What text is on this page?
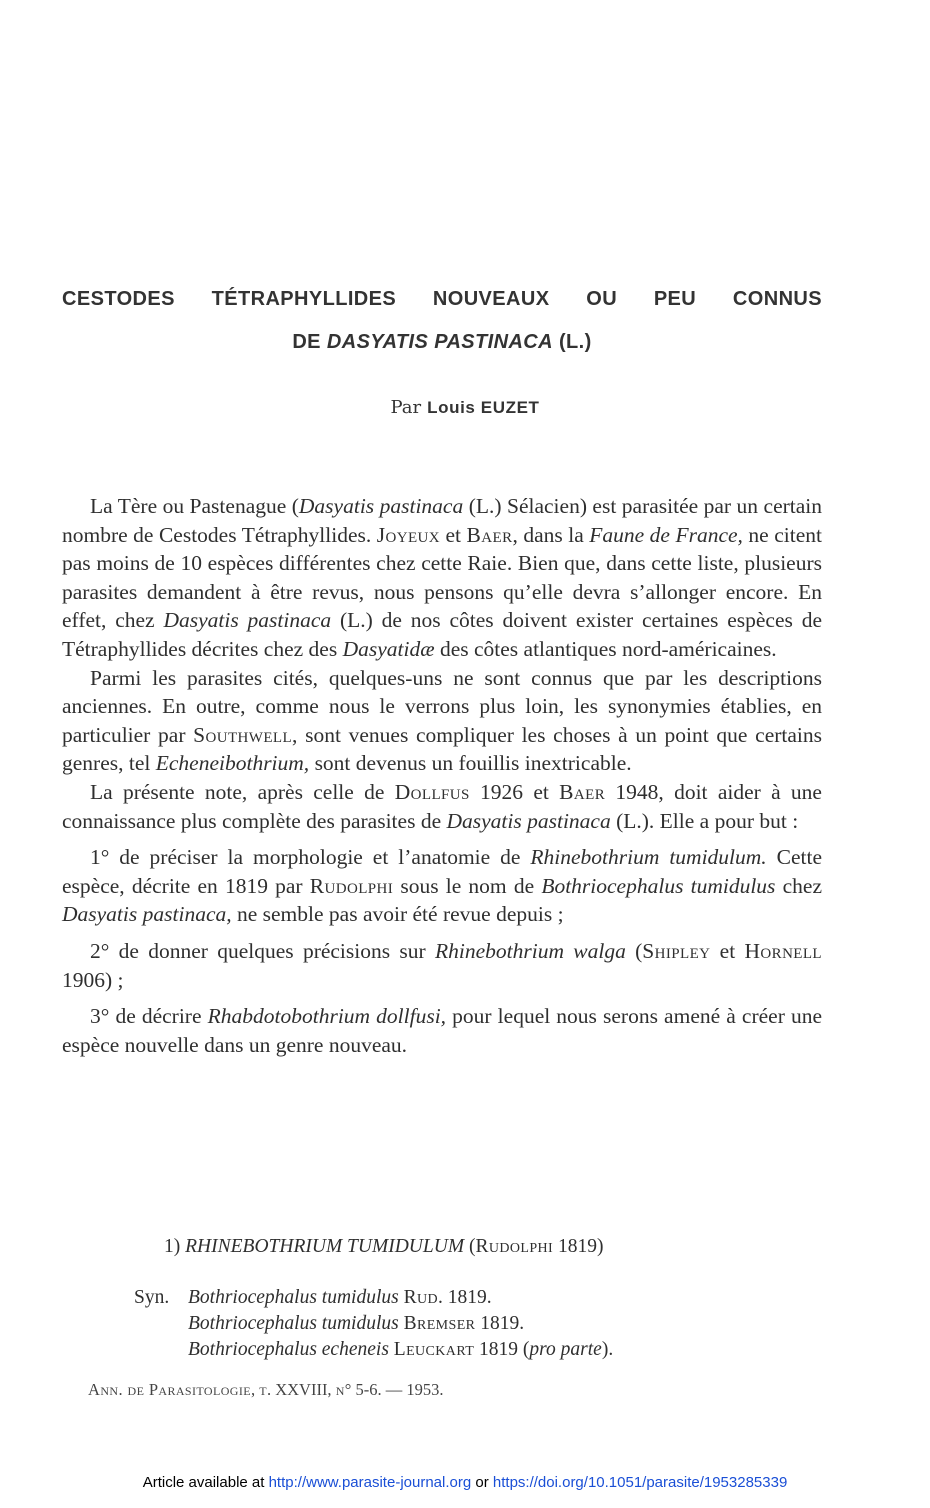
CESTODES TÉTRAPHYLLIDES NOUVEAUX OU PEU CONNUS
DE DASYATIS PASTINACA (L.)
Par Louis EUZET

La Tère ou Pastenague (Dasyatis pastinaca (L.) Sélacien) est parasitée par un certain nombre de Cestodes Tétraphyllides. Joyeux et Baer, dans la Faune de France, ne citent pas moins de 10 espèces différentes chez cette Raie. Bien que, dans cette liste, plusieurs parasites demandent à être revus, nous pensons qu’elle devra s’allonger encore. En effet, chez Dasyatis pastinaca (L.) de nos côtes doivent exister certaines espèces de Tétraphyllides décrites chez des Dasyatidæ des côtes atlantiques nord-américaines.

Parmi les parasites cités, quelques-uns ne sont connus que par les descriptions anciennes. En outre, comme nous le verrons plus loin, les synonymies établies, en particulier par Southwell, sont venues compliquer les choses à un point que certains genres, tel Echeneibothrium, sont devenus un fouillis inextricable.

La présente note, après celle de Dollfus 1926 et Baer 1948, doit aider à une connaissance plus complète des parasites de Dasyatis pastinaca (L.). Elle a pour but :

1° de préciser la morphologie et l’anatomie de Rhinebothrium tumidulum. Cette espèce, décrite en 1819 par Rudolphi sous le nom de Bothriocephalus tumidulus chez Dasyatis pastinaca, ne semble pas avoir été revue depuis ;

2° de donner quelques précisions sur Rhinebothrium walga (Shipley et Hornell 1906) ;

3° de décrire Rhabdotobothrium dollfusi, pour lequel nous serons amené à créer une espèce nouvelle dans un genre nouveau.

1) RHINEBOTHRIUM TUMIDULUM (Rudolphi 1819)
Syn. Bothriocephalus tumidulus Rud. 1819.
Bothriocephalus tumidulus Bremser 1819.
Bothriocephalus echeneis Leuckart 1819 (pro parte).
Ann. de Parasitologie, t. XXVIII, n° 5-6. — 1953.
Article available at http://www.parasite-journal.org or https://doi.org/10.1051/parasite/1953285339
